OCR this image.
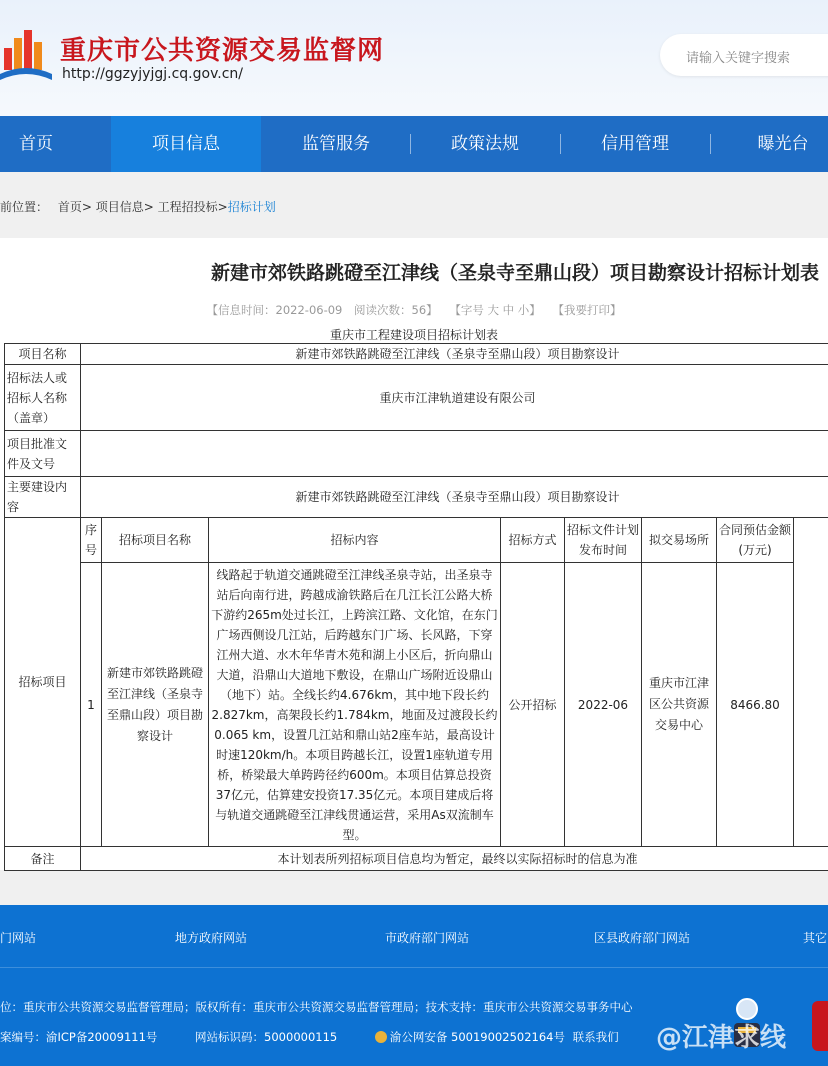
重庆市公共资源交易监督网
http://ggzyjyjgj.cq.gov.cn/
请输入关键字搜索
首页	项目信息	监管服务	政策法规	信用管理	曝光台
前位置： 首页> 项目信息> 工程招投标>招标计划
新建市郊铁路跳磴至江津线（圣泉寺至鼎山段）项目勘察设计招标计划表
【信息时间：2022-06-09 阅读次数：56】 【字号 大 中 小】 【我要打印】
重庆市工程建设项目招标计划表
项目名称	新建市郊铁路跳磴至江津线（圣泉寺至鼎山段）项目勘察设计							
招标法人或招标人名称（盖章）	重庆市江津轨道建设有限公司							
项目批准文件及文号								
主要建设内容	新建市郊铁路跳磴至江津线（圣泉寺至鼎山段）项目勘察设计							
招标项目	序号	招标项目名称	招标内容	招标方式	招标文件计划发布时间	拟交易场所	合同预估金额(万元)	
	1	新建市郊铁路跳磴至江津线（圣泉寺至鼎山段）项目勘察设计	线路起于轨道交通跳磴至江津线圣泉寺站，出圣泉寺站后向南行进，跨越成渝铁路后在几江长江公路大桥下游约265m处过长江，上跨滨江路、文化馆，在东门广场西侧设几江站，后跨越东门广场、长风路，下穿江州大道、水木年华青木苑和湖上小区后，折向鼎山大道，沿鼎山大道地下敷设，在鼎山广场附近设鼎山（地下）站。全线长约4.676km，其中地下段长约2.827km，高架段长约1.784km，地面及过渡段长约0.065 km，设置几江站和鼎山站2座车站，最高设计时速120km/h。本项目跨越长江，设置1座轨道专用桥，桥梁最大单跨跨径约600m。本项目估算总投资37亿元，估算建安投资17.35亿元。本项目建成后将与轨道交通跳磴至江津线贯通运营，采用As双流制车型。	公开招标	2022-06	重庆市江津区公共资源交易中心	8466.80	
备注	本计划表所列招标项目信息均为暂定，最终以实际招标时的信息为准							
门网站	地方政府网站	市政府部门网站	区县政府部门网站	其它
位：重庆市公共资源交易监督管理局；版权所有：重庆市公共资源交易监督管理局；技术支持：重庆市公共资源交易事务中心
案编号：渝ICP备20009111号	网站标识码：5000000115	渝公网安备 50019002502164号 联系我们 @江津求线
